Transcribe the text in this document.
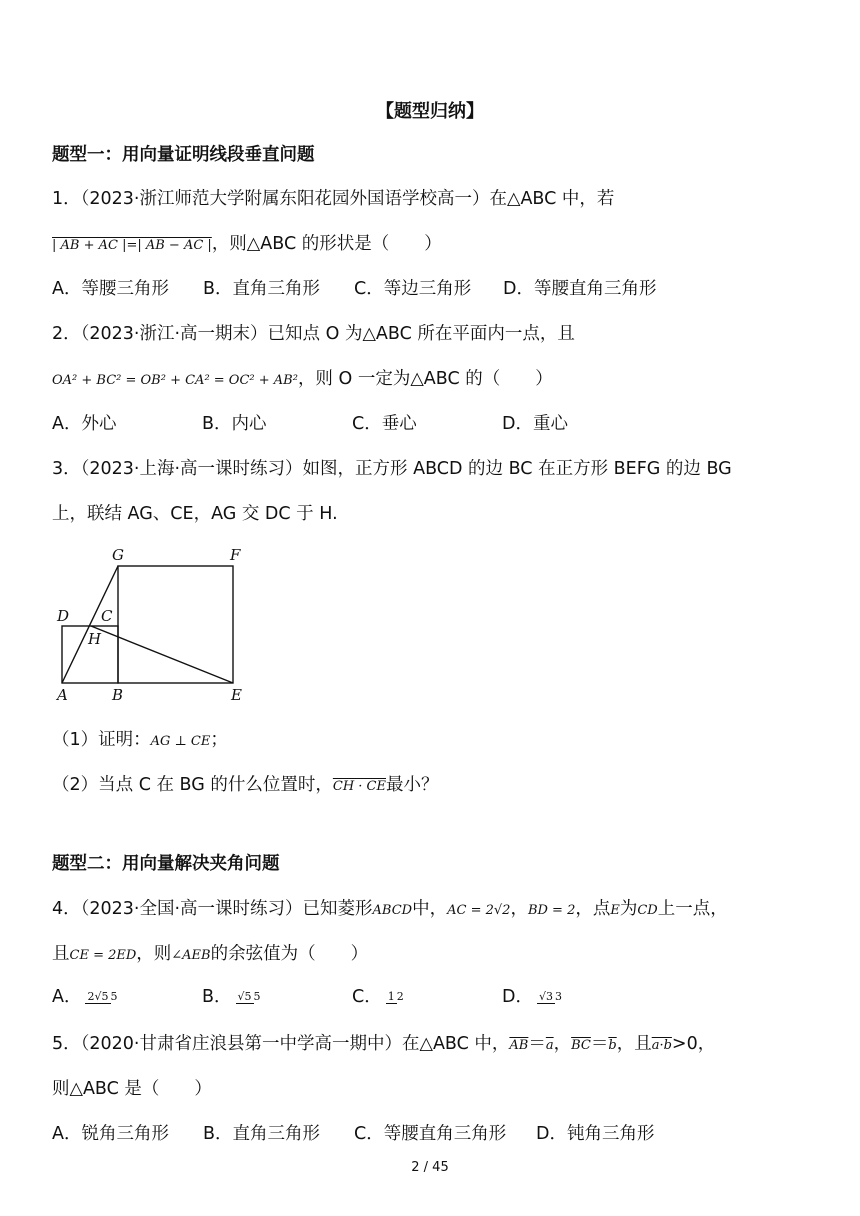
【题型归纳】
题型一：用向量证明线段垂直问题
1．（2023·浙江师范大学附属东阳花园外国语学校高一）在△ABC 中，若
| AB + AC |=| AB − AC |，则△ABC 的形状是（　　）
A．等腰三角形 B．直角三角形 C．等边三角形 D．等腰直角三角形
2．（2023·浙江·高一期末）已知点 O 为△ABC 所在平面内一点，且
OA² + BC² = OB² + CA² = OC² + AB²，则 O 一定为△ABC 的（　　）
A．外心	B．内心	C．垂心	D．重心
3．（2023·上海·高一课时练习）如图，正方形 ABCD 的边 BC 在正方形 BEFG 的边 BG
上，联结 AG、CE，AG 交 DC 于 H.
G	F
D C
H
A	B	E
（1）证明：AG ⊥ CE；
（2）当点 C 在 BG 的什么位置时，CH · CE最小？
题型二：用向量解决夹角问题
4．（2023·全国·高一课时练习）已知菱形ABCD中，AC = 2√2，BD = 2，点E为CD上一点，
且CE = 2ED，则∠AEB的余弦值为（　　）
A． 2√5 5	B． √5 5	C． 1 2	D． √3 3
5．（2020·甘肃省庄浪县第一中学高一期中）在△ABC 中，$\overline{AB}=\overline{a}$，$\overline{BC}=\overline{b}$，且a·b>0，
则△ABC 是（　　）
A．锐角三角形 B．直角三角形 C．等腰直角三角形 D．钝角三角形
2 / 45
